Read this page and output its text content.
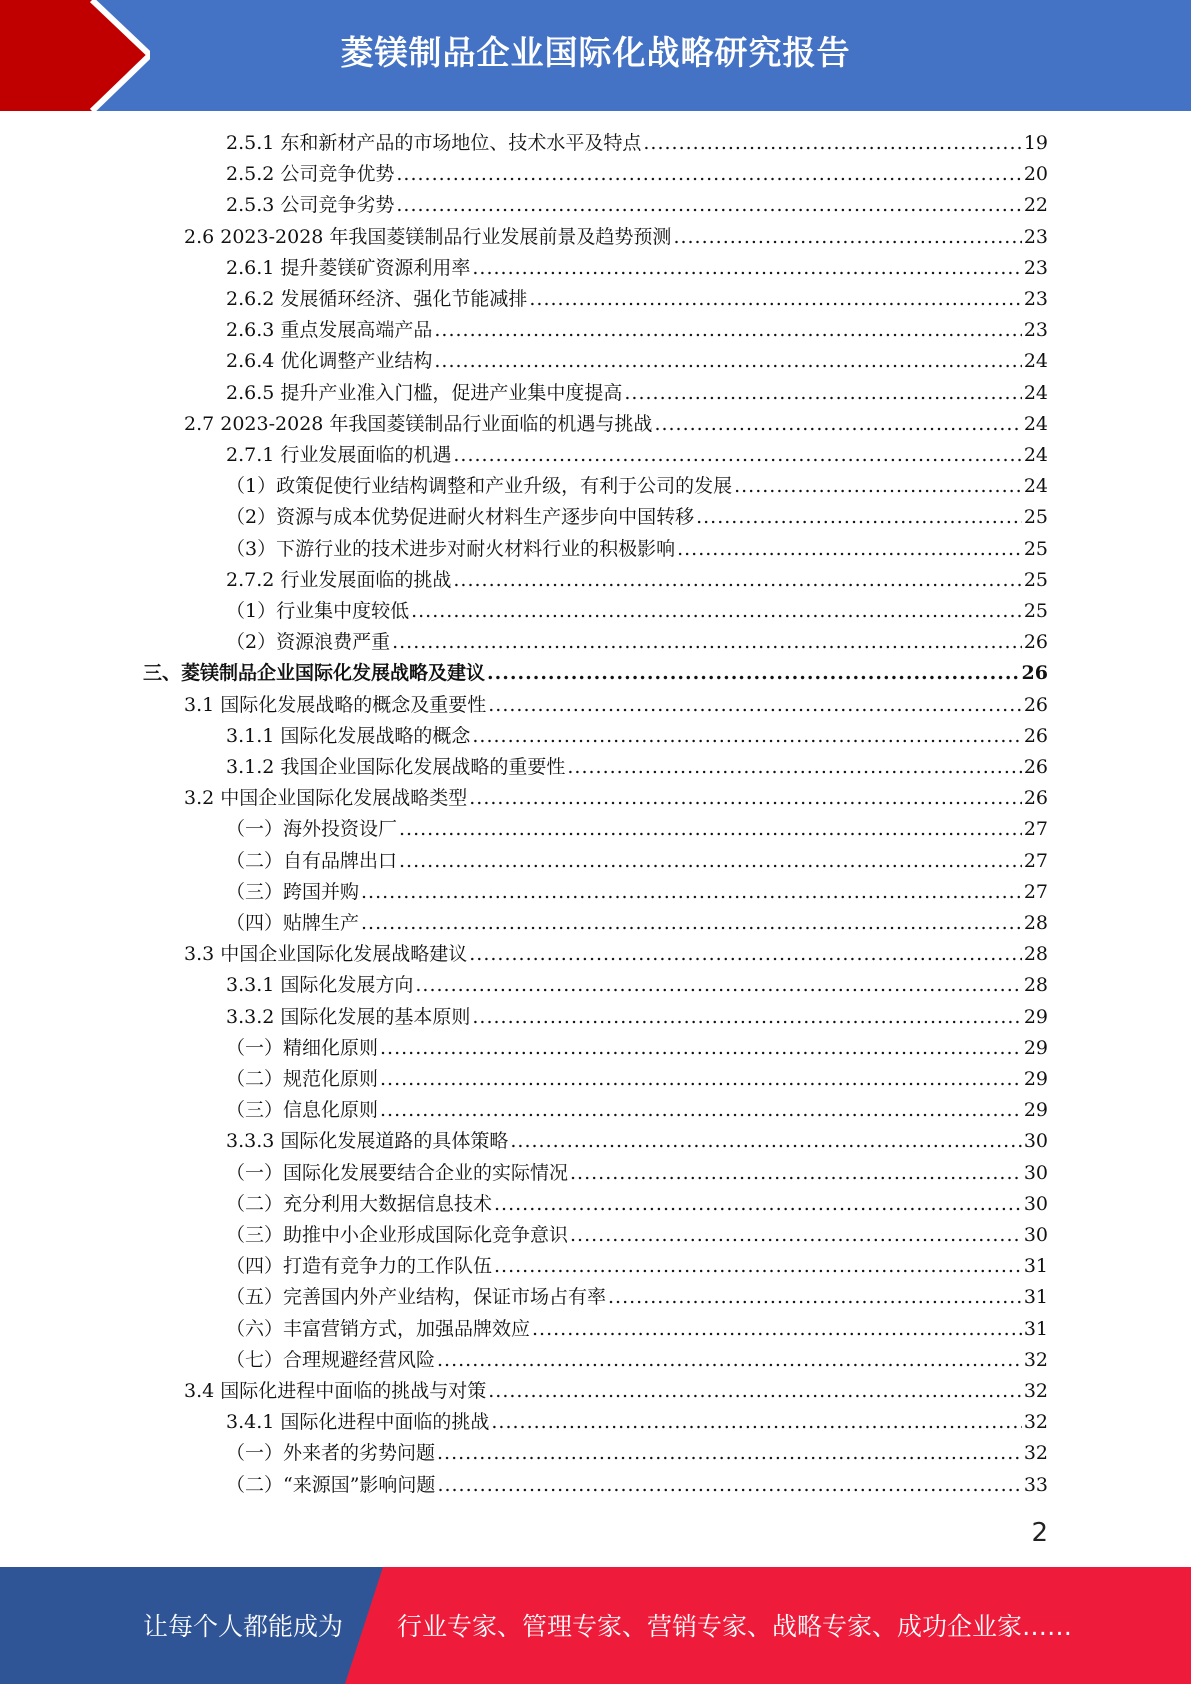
菱镁制品企业国际化战略研究报告
2.5.1 东和新材产品的市场地位、技术水平及特点 .....	19
2.5.2 公司竞争优势 .....	20
2.5.3 公司竞争劣势 .....	22
2.6 2023-2028 年我国菱镁制品行业发展前景及趋势预测 .....	23
2.6.1 提升菱镁矿资源利用率 .....	23
2.6.2 发展循环经济、强化节能减排 .....	23
2.6.3 重点发展高端产品 .....	23
2.6.4 优化调整产业结构 .....	24
2.6.5 提升产业准入门槛，促进产业集中度提高 .....	24
2.7 2023-2028 年我国菱镁制品行业面临的机遇与挑战 .....	24
2.7.1 行业发展面临的机遇 .....	24
（1）政策促使行业结构调整和产业升级，有利于公司的发展 .....	24
（2）资源与成本优势促进耐火材料生产逐步向中国转移 .....	25
（3）下游行业的技术进步对耐火材料行业的积极影响 .....	25
2.7.2 行业发展面临的挑战 .....	25
（1）行业集中度较低 .....	25
（2）资源浪费严重 .....	26
三、菱镁制品企业国际化发展战略及建议 .....	26
3.1 国际化发展战略的概念及重要性 .....	26
3.1.1 国际化发展战略的概念 .....	26
3.1.2 我国企业国际化发展战略的重要性 .....	26
3.2 中国企业国际化发展战略类型 .....	26
（一）海外投资设厂 .....	27
（二）自有品牌出口 .....	27
（三）跨国并购 .....	27
（四）贴牌生产 .....	28
3.3 中国企业国际化发展战略建议 .....	28
3.3.1 国际化发展方向 .....	28
3.3.2 国际化发展的基本原则 .....	29
（一）精细化原则 .....	29
（二）规范化原则 .....	29
（三）信息化原则 .....	29
3.3.3 国际化发展道路的具体策略 .....	30
（一）国际化发展要结合企业的实际情况 .....	30
（二）充分利用大数据信息技术 .....	30
（三）助推中小企业形成国际化竞争意识 .....	30
（四）打造有竞争力的工作队伍 .....	31
（五）完善国内外产业结构，保证市场占有率 .....	31
（六）丰富营销方式，加强品牌效应 .....	31
（七）合理规避经营风险 .....	32
3.4 国际化进程中面临的挑战与对策 .....	32
3.4.1 国际化进程中面临的挑战 .....	32
（一）外来者的劣势问题 .....	32
（二）“来源国”影响问题 .....	33
2
让每个人都能成为 行业专家、管理专家、营销专家、战略专家、成功企业家……
